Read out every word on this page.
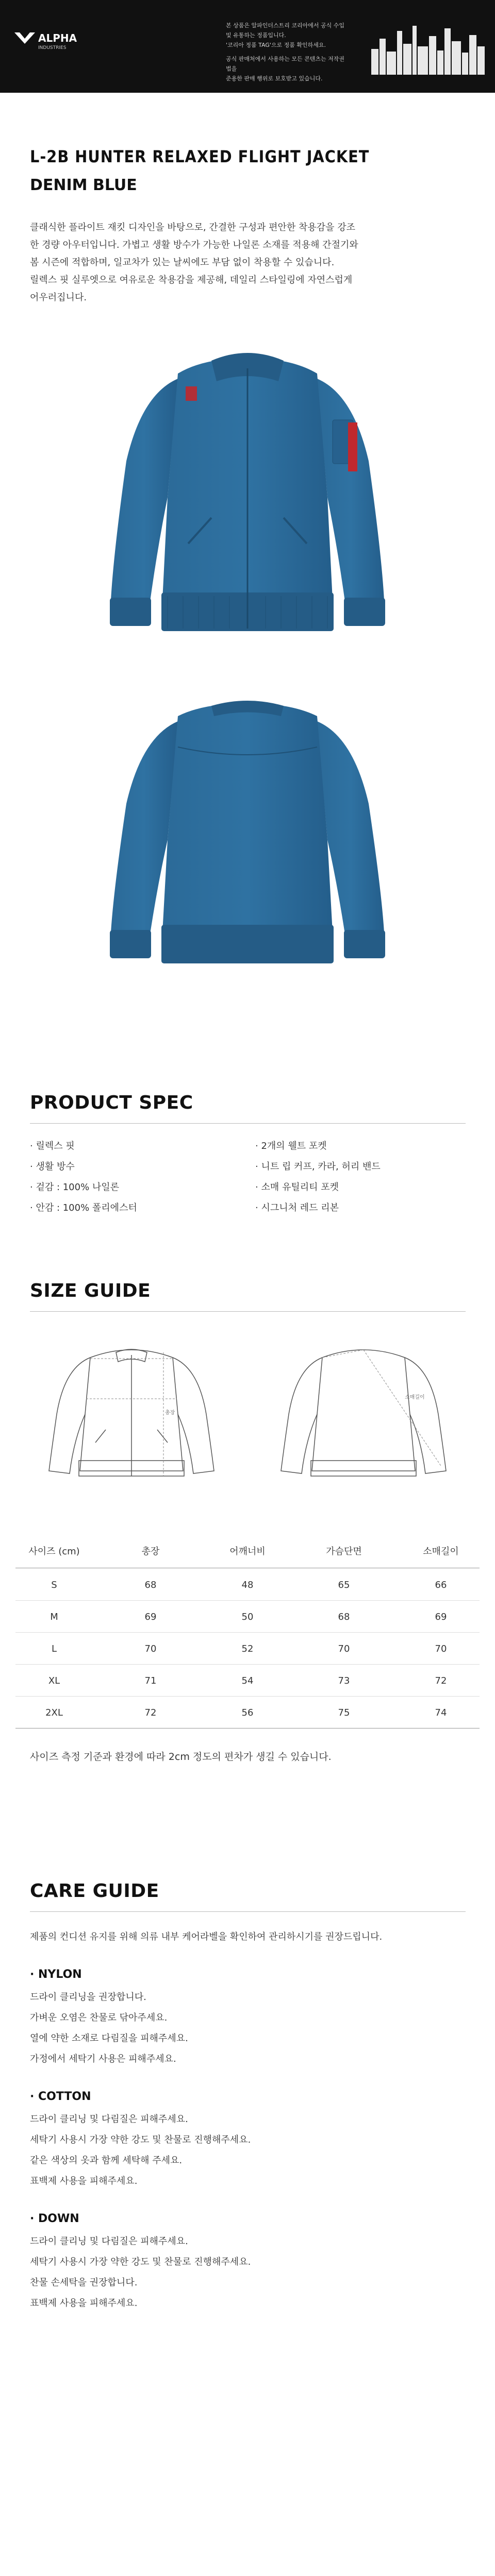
ALPHA
INDUSTRIES
본 상품은 알파인더스트리 코리아에서 공식 수입 및 유통하는 정품입니다.
'코리아 정품 TAG'으로 정품 확인하세요.
공식 판매처에서 사용하는 모든 콘텐츠는 저작권법을
준용한 판매 행위로 보호받고 있습니다.
L-2B HUNTER RELAXED FLIGHT JACKET
DENIM BLUE
클래식한 플라이트 재킷 디자인을 바탕으로, 간결한 구성과 편안한 착용감을 강조
한 경량 아우터입니다. 가볍고 생활 방수가 가능한 나일론 소재를 적용해 간절기와
봄 시즌에 적합하며, 일교차가 있는 날씨에도 부담 없이 착용할 수 있습니다.
릴렉스 핏 실루엣으로 여유로운 착용감을 제공해, 데일리 스타일링에 자연스럽게
어우러집니다.
PRODUCT SPEC
· 릴렉스 핏
· 생활 방수
· 겉감 : 100% 나일론
· 안감 : 100% 폴리에스터
· 2개의 웰트 포켓
· 니트 립 커프, 카라, 허리 밴드
· 소매 유틸리티 포켓
· 시그니처 레드 리본
SIZE GUIDE
총장
소매길이
사이즈 (cm)	총장	어깨너비	가슴단면	소매길이
S	68	48	65	66
M	69	50	68	69
L	70	52	70	70
XL	71	54	73	72
2XL	72	56	75	74
사이즈 측정 기준과 환경에 따라 2cm 정도의 편차가 생길 수 있습니다.
CARE GUIDE
제품의 컨디션 유지를 위해 의류 내부 케어라벨을 확인하여 관리하시기를 권장드립니다.
· NYLON
드라이 클리닝을 권장합니다.
가벼운 오염은 찬물로 닦아주세요.
열에 약한 소재로 다림질을 피해주세요.
가정에서 세탁기 사용은 피해주세요.
· COTTON
드라이 클리닝 및 다림질은 피해주세요.
세탁기 사용시 가장 약한 강도 및 찬물로 진행해주세요.
같은 색상의 옷과 함께 세탁해 주세요.
표백제 사용을 피해주세요.
· DOWN
드라이 클리닝 및 다림질은 피해주세요.
세탁기 사용시 가장 약한 강도 및 찬물로 진행해주세요.
찬물 손세탁을 권장합니다.
표백제 사용을 피해주세요.
